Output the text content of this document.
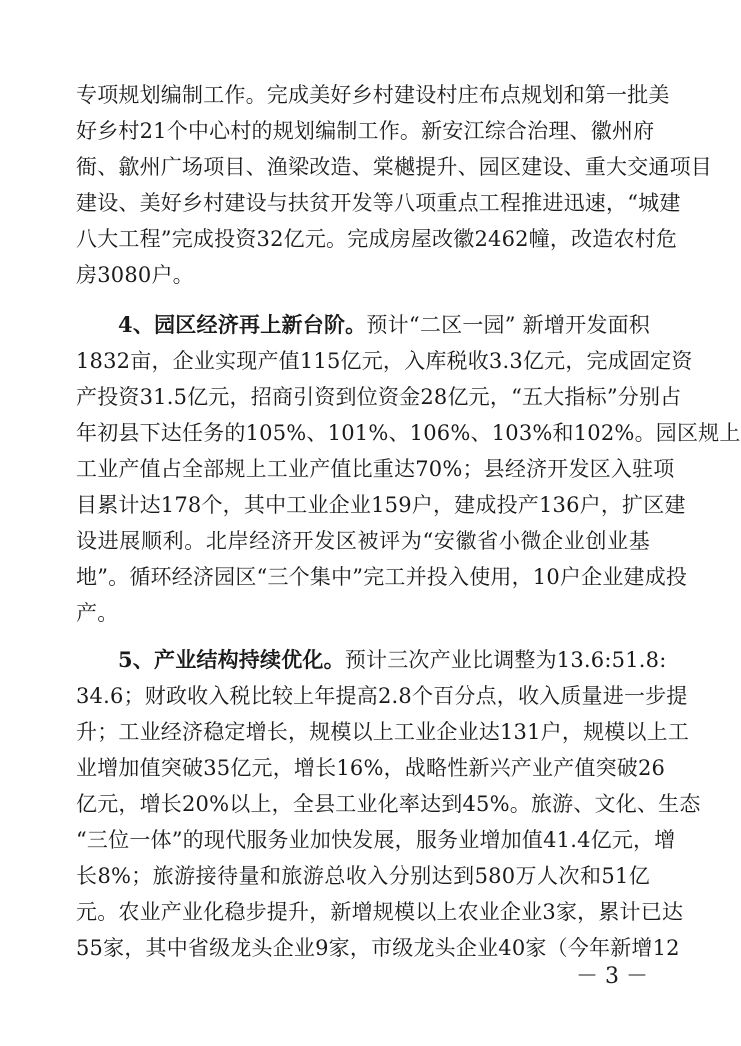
专项规划编制工作。完成美好乡村建设村庄布点规划和第一批美
好乡村21个中心村的规划编制工作。新安江综合治理、徽州府
衙、歙州广场项目、渔梁改造、棠樾提升、园区建设、重大交通项目
建设、美好乡村建设与扶贫开发等八项重点工程推进迅速，“城建
八大工程”完成投资32亿元。完成房屋改徽2462幢，改造农村危
房3080户。
4、园区经济再上新台阶。预计“二区一园” 新增开发面积
1832亩，企业实现产值115亿元，入库税收3.3亿元，完成固定资
产投资31.5亿元，招商引资到位资金28亿元，“五大指标”分别占
年初县下达任务的105%、101%、106%、103%和102%。园区规上
工业产值占全部规上工业产值比重达70%；县经济开发区入驻项
目累计达178个，其中工业企业159户，建成投产136户，扩区建
设进展顺利。北岸经济开发区被评为“安徽省小微企业创业基
地”。循环经济园区“三个集中”完工并投入使用，10户企业建成投
产。
5、产业结构持续优化。预计三次产业比调整为13.6:51.8:
34.6；财政收入税比较上年提高2.8个百分点，收入质量进一步提
升；工业经济稳定增长，规模以上工业企业达131户，规模以上工
业增加值突破35亿元，增长16%，战略性新兴产业产值突破26
亿元，增长20%以上，全县工业化率达到45%。旅游、文化、生态
“三位一体”的现代服务业加快发展，服务业增加值41.4亿元，增
长8%；旅游接待量和旅游总收入分别达到580万人次和51亿
元。农业产业化稳步提升，新增规模以上农业企业3家，累计已达
55家，其中省级龙头企业9家，市级龙头企业40家（今年新增12
－ 3 －
